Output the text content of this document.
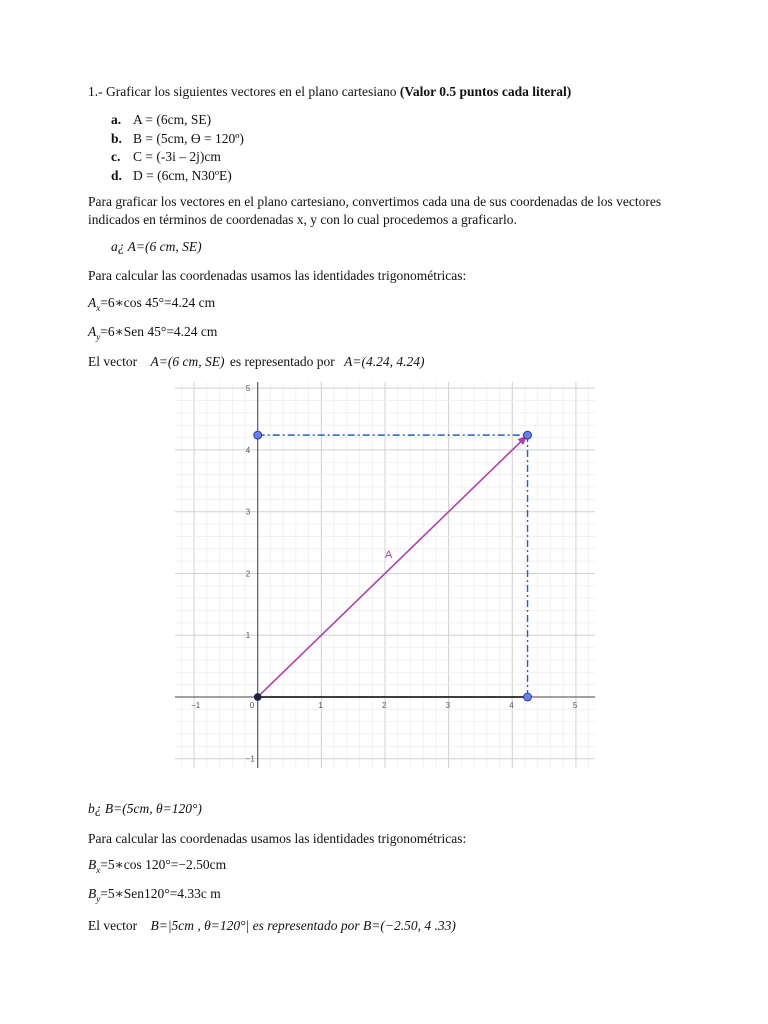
1.- Graficar los siguientes vectores en el plano cartesiano (Valor 0.5 puntos cada literal)
a. A = (6cm, SE)
b. B = (5cm, Ө = 120º)
c. C = (-3i – 2j)cm
d. D = (6cm, N30ºE)
Para graficar los vectores en el plano cartesiano, convertimos cada una de sus coordenadas de los vectores indicados en términos de coordenadas x, y con lo cual procedemos a graficarlo.
a¿ A=(6 cm, SE)
Para calcular las coordenadas usamos las identidades trigonométricas:
$A_x=6∗\cos$ 45°=4.24 cm
$A_y=6∗Sen$ 45°=4.24 cm
El vector A=(6 cm, SE) es representado por A=(4.24, 4.24)
−1	0	1	2	3	4	5
5
4
3
2
1
−1
A
b¿ B=(5cm, θ=120°)
Para calcular las coordenadas usamos las identidades trigonométricas:
$B_x=5∗\cos$ 120°=−2.50cm
$B_y=5∗Sen120^\circ=4.33c$ m
El vector B=|5cm , θ=120°| es representado por B=(−2.50, 4 .33)
